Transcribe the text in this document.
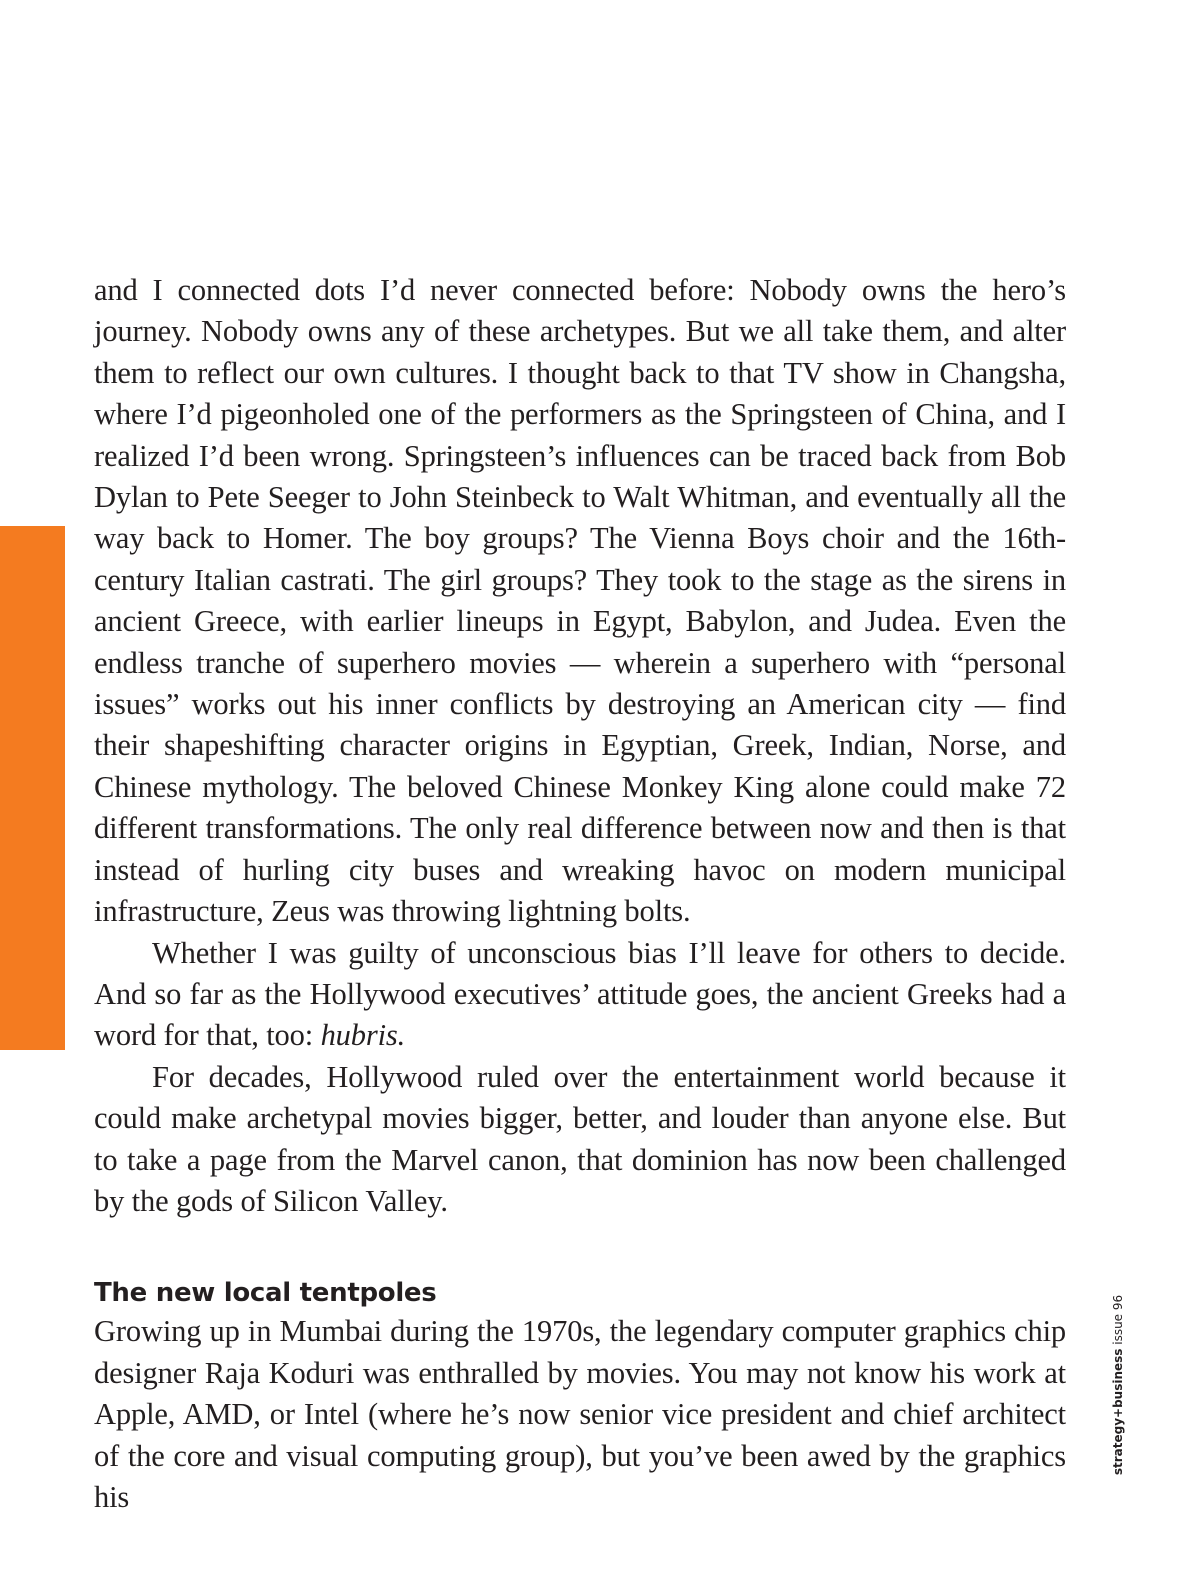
feature|tech & innovation
132

and I connected dots I’d never connected before: Nobody owns the hero’s journey. Nobody owns any of these archetypes. But we all take them, and alter them to reflect our own cultures. I thought back to that TV show in Changsha, where I’d pigeonholed one of the performers as the Springsteen of China, and I realized I’d been wrong. Springsteen’s influences can be traced back from Bob Dylan to Pete Seeger to John Steinbeck to Walt Whitman, and eventually all the way back to Homer. The boy groups? The Vienna Boys choir and the 16th-century Italian castrati. The girl groups? They took to the stage as the sirens in ancient Greece, with earlier lineups in Egypt, Babylon, and Judea. Even the endless tranche of superhero movies — wherein a superhero with “personal issues” works out his inner conflicts by destroying an American city — find their shapeshifting character origins in Egyptian, Greek, Indian, Norse, and Chinese mythology. The beloved Chinese Monkey King alone could make 72 different transformations. The only real difference between now and then is that instead of hurling city buses and wreaking havoc on modern municipal infrastructure, Zeus was throwing lightning bolts.

Whether I was guilty of unconscious bias I’ll leave for others to decide. And so far as the Hollywood executives’ attitude goes, the ancient Greeks had a word for that, too: hubris.

For decades, Hollywood ruled over the entertainment world because it could make archetypal movies bigger, better, and louder than anyone else. But to take a page from the Marvel canon, that dominion has now been challenged by the gods of Silicon Valley.

The new local tentpoles

Growing up in Mumbai during the 1970s, the legendary computer graphics chip designer Raja Koduri was enthralled by movies. You may not know his work at Apple, AMD, or Intel (where he’s now senior vice president and chief architect of the core and visual computing group), but you’ve been awed by the graphics his

strategy+business issue 96
